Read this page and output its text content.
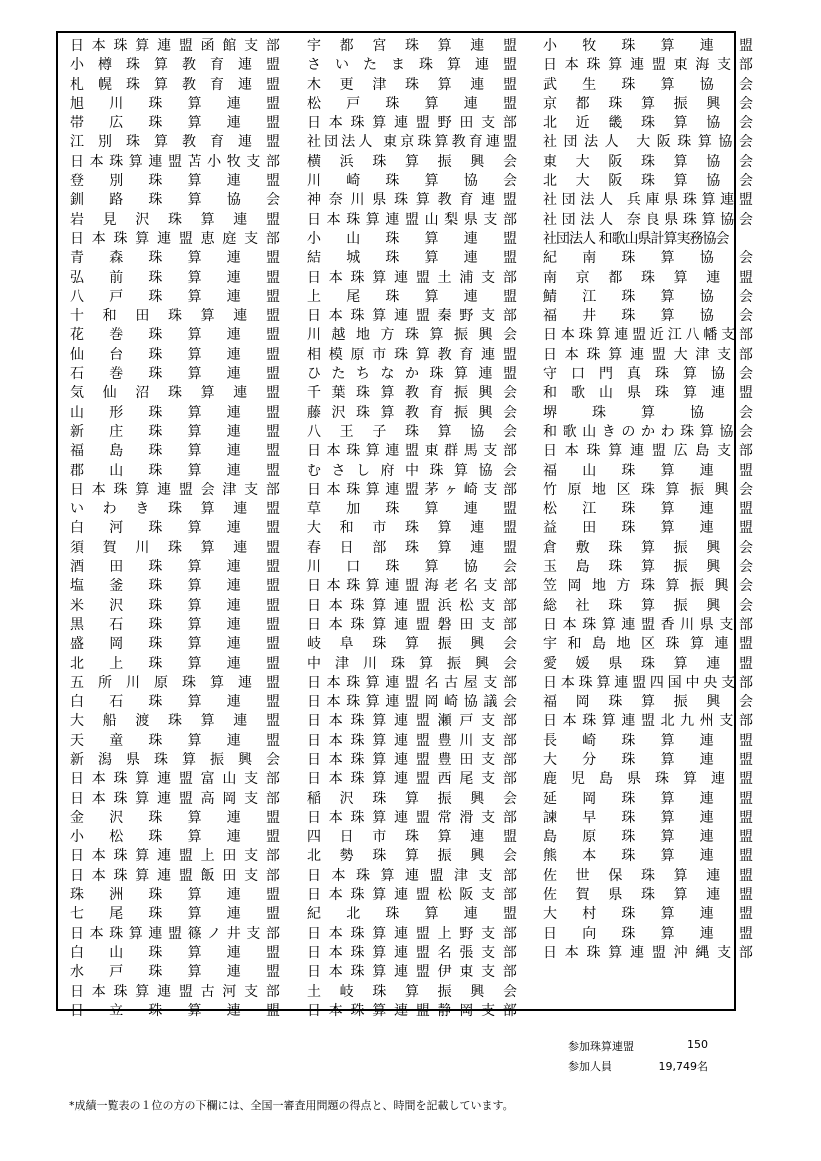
日 本 珠 算 連 盟 函 館 支 部
小 樽 珠 算 教 育 連 盟
札 幌 珠 算 教 育 連 盟
旭 川 珠 算 連 盟
帯 広 珠 算 連 盟
江 別 珠 算 教 育 連 盟
日 本 珠 算 連 盟 苫 小 牧 支 部
登 別 珠 算 連 盟
釧 路 珠 算 協 会
岩 見 沢 珠 算 連 盟
日 本 珠 算 連 盟 恵 庭 支 部
青 森 珠 算 連 盟
弘 前 珠 算 連 盟
八 戸 珠 算 連 盟
十 和 田 珠 算 連 盟
花 巻 珠 算 連 盟
仙 台 珠 算 連 盟
石 巻 珠 算 連 盟
気 仙 沼 珠 算 連 盟
山 形 珠 算 連 盟
新 庄 珠 算 連 盟
福 島 珠 算 連 盟
郡 山 珠 算 連 盟
日 本 珠 算 連 盟 会 津 支 部
い わ き 珠 算 連 盟
白 河 珠 算 連 盟
須 賀 川 珠 算 連 盟
酒 田 珠 算 連 盟
塩 釜 珠 算 連 盟
米 沢 珠 算 連 盟
黒 石 珠 算 連 盟
盛 岡 珠 算 連 盟
北 上 珠 算 連 盟
五 所 川 原 珠 算 連 盟
白 石 珠 算 連 盟
大 船 渡 珠 算 連 盟
天 童 珠 算 連 盟
新 潟 県 珠 算 振 興 会
日 本 珠 算 連 盟 富 山 支 部
日 本 珠 算 連 盟 高 岡 支 部
金 沢 珠 算 連 盟
小 松 珠 算 連 盟
日 本 珠 算 連 盟 上 田 支 部
日 本 珠 算 連 盟 飯 田 支 部
珠 洲 珠 算 連 盟
七 尾 珠 算 連 盟
日 本 珠 算 連 盟 篠 ノ 井 支 部
白 山 珠 算 連 盟
水 戸 珠 算 連 盟
日 本 珠 算 連 盟 古 河 支 部
日 立 珠 算 連 盟
宇 都 宮 珠 算 連 盟
さ い た ま 珠 算 連 盟
木 更 津 珠 算 連 盟
松 戸 珠 算 連 盟
日 本 珠 算 連 盟 野 田 支 部
社 団 法 人
東 京 珠 算 教 育 連 盟
横 浜 珠 算 振 興 会
川 崎 珠 算 協 会
神 奈 川 県 珠 算 教 育 連 盟
日 本 珠 算 連 盟 山 梨 県 支 部
小 山 珠 算 連 盟
結 城 珠 算 連 盟
日 本 珠 算 連 盟 土 浦 支 部
上 尾 珠 算 連 盟
日 本 珠 算 連 盟 秦 野 支 部
川 越 地 方 珠 算 振 興 会
相 模 原 市 珠 算 教 育 連 盟
ひ た ち な か 珠 算 連 盟
千 葉 珠 算 教 育 振 興 会
藤 沢 珠 算 教 育 振 興 会
八 王 子 珠 算 協 会
日 本 珠 算 連 盟 東 群 馬 支 部
む さ し 府 中 珠 算 協 会
日 本 珠 算 連 盟 茅 ヶ 崎 支 部
草 加 珠 算 連 盟
大 和 市 珠 算 連 盟
春 日 部 珠 算 連 盟
川 口 珠 算 協 会
日 本 珠 算 連 盟 海 老 名 支 部
日 本 珠 算 連 盟 浜 松 支 部
日 本 珠 算 連 盟 磐 田 支 部
岐 阜 珠 算 振 興 会
中 津 川 珠 算 振 興 会
日 本 珠 算 連 盟 名 古 屋 支 部
日 本 珠 算 連 盟 岡 崎 協 議 会
日 本 珠 算 連 盟 瀬 戸 支 部
日 本 珠 算 連 盟 豊 川 支 部
日 本 珠 算 連 盟 豊 田 支 部
日 本 珠 算 連 盟 西 尾 支 部
稲 沢 珠 算 振 興 会
日 本 珠 算 連 盟 常 滑 支 部
四 日 市 珠 算 連 盟
北 勢 珠 算 振 興 会
日 本 珠 算 連 盟 津 支 部
日 本 珠 算 連 盟 松 阪 支 部
紀 北 珠 算 連 盟
日 本 珠 算 連 盟 上 野 支 部
日 本 珠 算 連 盟 名 張 支 部
日 本 珠 算 連 盟 伊 東 支 部
土 岐 珠 算 振 興 会
日 本 珠 算 連 盟 静 岡 支 部
小 牧 珠 算 連 盟
日 本 珠 算 連 盟 東 海 支 部
武 生 珠 算 協 会
京 都 珠 算 振 興 会
北 近 畿 珠 算 協 会
社 団 法 人
大 阪 珠 算 協 会
東 大 阪 珠 算 協 会
北 大 阪 珠 算 協 会
社 団 法 人
兵 庫 県 珠 算 連 盟
社 団 法 人
奈 良 県 珠 算 協 会
社団法人 和歌山県計算実務協会
紀 南 珠 算 協 会
南 京 都 珠 算 連 盟
鯖 江 珠 算 協 会
福 井 珠 算 協 会
日 本 珠 算 連 盟 近 江 八 幡 支 部
日 本 珠 算 連 盟 大 津 支 部
守 口 門 真 珠 算 協 会
和 歌 山 県 珠 算 連 盟
堺	珠	算	協	会
和 歌 山 き の か わ 珠 算 協 会
日 本 珠 算 連 盟 広 島 支 部
福 山 珠 算 連 盟
竹 原 地 区 珠 算 振 興 会
松 江 珠 算 連 盟
益 田 珠 算 連 盟
倉 敷 珠 算 振 興 会
玉 島 珠 算 振 興 会
笠 岡 地 方 珠 算 振 興 会
総 社 珠 算 振 興 会
日 本 珠 算 連 盟 香 川 県 支 部
宇 和 島 地 区 珠 算 連 盟
愛 媛 県 珠 算 連 盟
日 本 珠 算 連 盟 四 国 中 央 支 部
福 岡 珠 算 振 興 会
日 本 珠 算 連 盟 北 九 州 支 部
長 崎 珠 算 連 盟
大 分 珠 算 連 盟
鹿 児 島 県 珠 算 連 盟
延 岡 珠 算 連 盟
諫 早 珠 算 連 盟
島 原 珠 算 連 盟
熊 本 珠 算 連 盟
佐 世 保 珠 算 連 盟
佐 賀 県 珠 算 連 盟
大 村 珠 算 連 盟
日 向 珠 算 連 盟
日 本 珠 算 連 盟 沖 縄 支 部
参加珠算連盟	150
参加人員	19,749名
*成績一覧表の１位の方の下欄には、全国一審査用問題の得点と、時間を記載しています。
